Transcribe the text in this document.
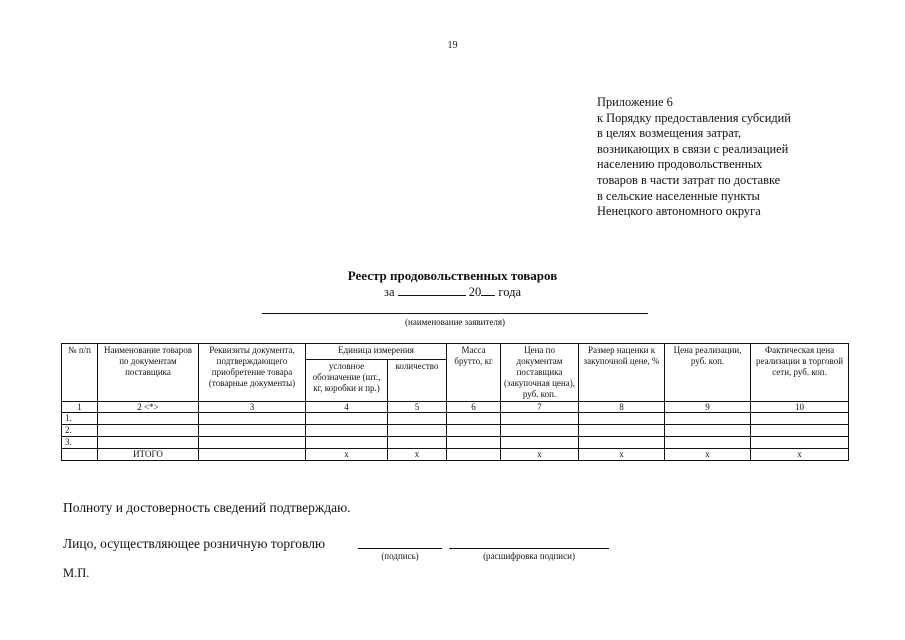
19
Приложение 6
к Порядку предоставления субсидий
в целях возмещения затрат,
возникающих в связи с реализацией
населению продовольственных
товаров в части затрат по доставке
в сельские населенные пункты
Ненецкого автономного округа
Реестр продовольственных товаров
за	20 года
(наименование заявителя)
№ п/п	Наименование товаров по документам поставщика	Реквизиты документа, подтверждающего приобретение товара (товарные документы)	Единица измерения		Масса брутто, кг	Цена по документам поставщика (закупочная цена), руб. коп.	Размер наценки к закупочной цене, %	Цена реализации, руб. коп.	Фактическая цена реализации в торговой сети, руб. коп.
			условное обозначение (шт., кг, коробки и пр.)	количество					
1	2 <*>	3	4	5	6	7	8	9	10
1.									
2.									
3.									
	ИТОГО		x	x		x	x	x	x
Полноту и достоверность сведений подтверждаю.
Лицо, осуществляющее розничную торговлю
(подпись)	(расшифровка подписи)
М.П.
